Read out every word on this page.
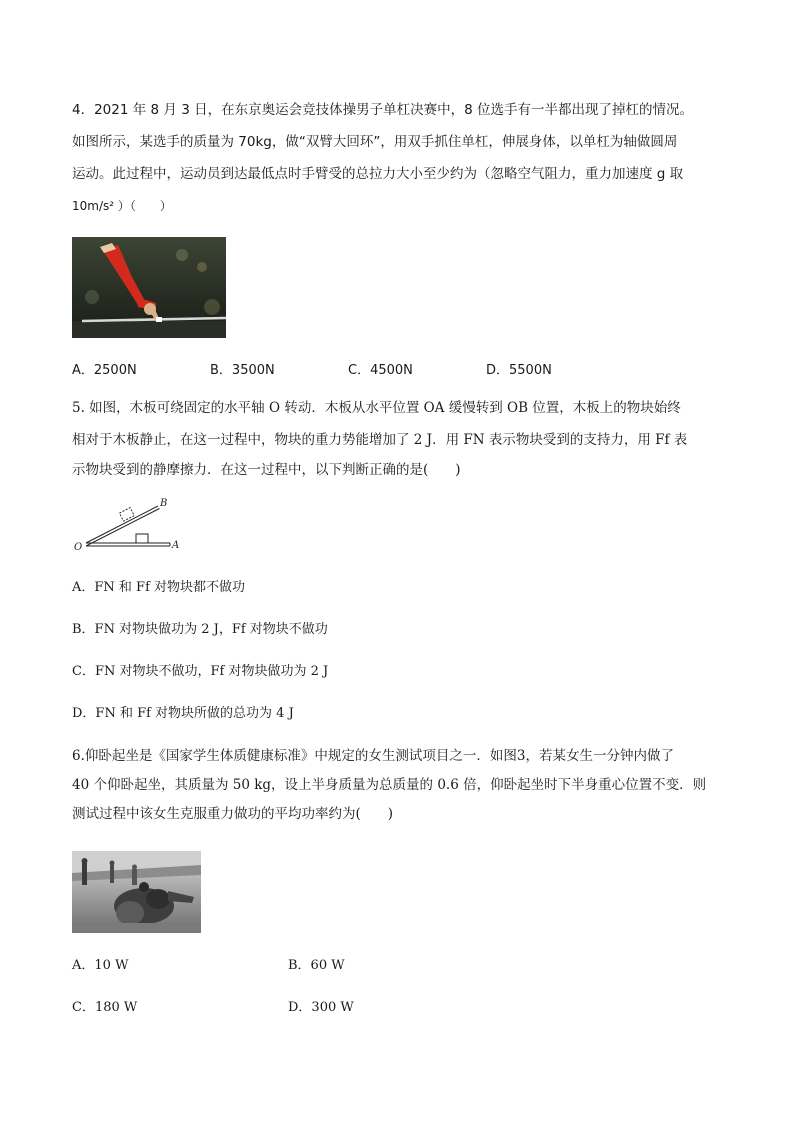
4．2021 年 8 月 3 日，在东京奥运会竞技体操男子单杠决赛中，8 位选手有一半都出现了掉杠的情况。
如图所示，某选手的质量为 70kg，做“双臂大回环”，用双手抓住单杠，伸展身体，以单杠为轴做圆周
运动。此过程中，运动员到达最低点时手臂受的总拉力大小至少约为（忽略空气阻力，重力加速度 g 取
10m/s² ）（　　）
A．2500N	B．3500N	C．4500N	D．5500N
5. 如图，木板可绕固定的水平轴 O 转动．木板从水平位置 OA 缓慢转到 OB 位置，木板上的物块始终
相对于木板静止，在这一过程中，物块的重力势能增加了 2 J．用 FN 表示物块受到的支持力，用 Ff 表
示物块受到的静摩擦力．在这一过程中，以下判断正确的是(　　)
O	A
B
A．FN 和 Ff 对物块都不做功
B．FN 对物块做功为 2 J，Ff 对物块不做功
C．FN 对物块不做功，Ff 对物块做功为 2 J
D．FN 和 Ff 对物块所做的总功为 4 J
6.仰卧起坐是《国家学生体质健康标准》中规定的女生测试项目之一．如图3，若某女生一分钟内做了
40 个仰卧起坐，其质量为 50 kg，设上半身质量为总质量的 0.6 倍，仰卧起坐时下半身重心位置不变．则
测试过程中该女生克服重力做功的平均功率约为(　　)
A．10 W	B．60 W
C．180 W	D．300 W
